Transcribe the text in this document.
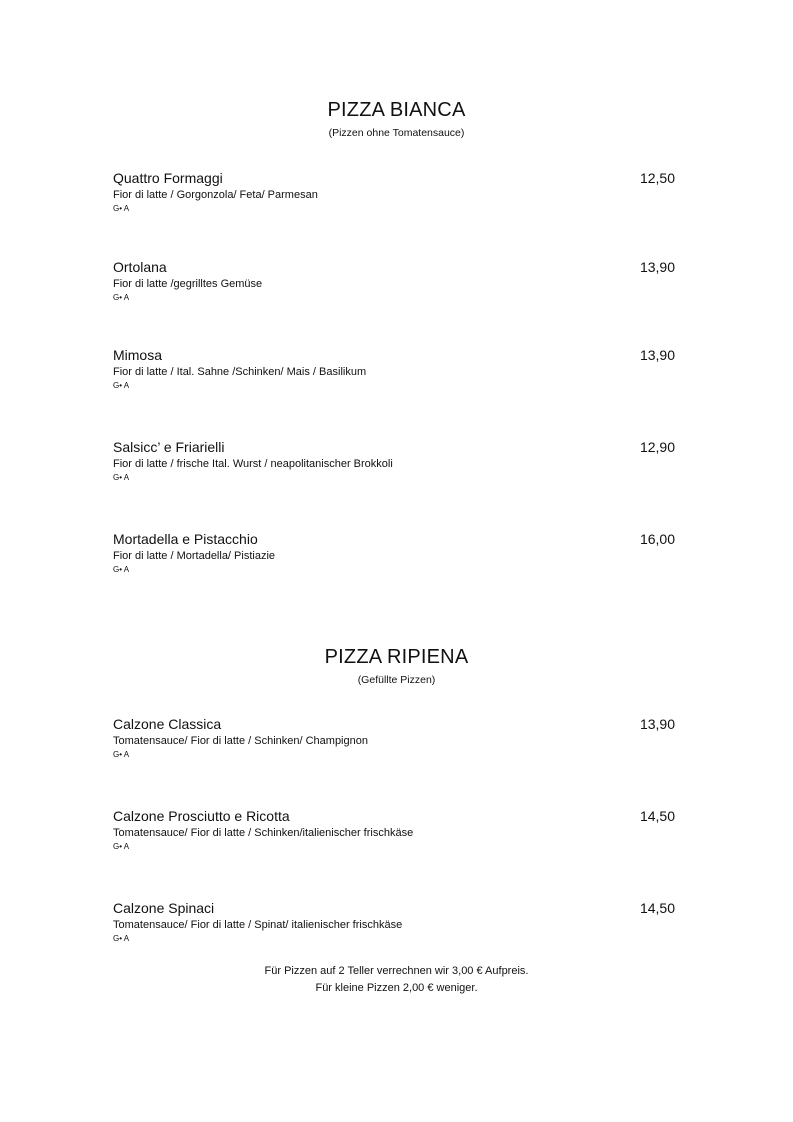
PIZZA BIANCA
(Pizzen ohne Tomatensauce)
Quattro Formaggi	12,50
Fior di latte / Gorgonzola/ Feta/ Parmesan
G• A
Ortolana	13,90
Fior di latte /gegrilltes Gemüse
G• A
Mimosa	13,90
Fior di latte / Ital. Sahne /Schinken/ Mais / Basilikum
G• A
Salsicc’ e Friarielli	12,90
Fior di latte / frische Ital. Wurst / neapolitanischer Brokkoli
G• A
Mortadella e Pistacchio	16,00
Fior di latte / Mortadella/ Pistiazie
G• A
PIZZA RIPIENA
(Gefüllte Pizzen)
Calzone Classica	13,90
Tomatensauce/ Fior di latte / Schinken/ Champignon
G• A
Calzone Prosciutto e Ricotta	14,50
Tomatensauce/ Fior di latte / Schinken/italienischer frischkäse
G• A
Calzone Spinaci	14,50
Tomatensauce/ Fior di latte / Spinat/ italienischer frischkäse
G• A
Für Pizzen auf 2 Teller verrechnen wir 3,00 € Aufpreis.
Für kleine Pizzen 2,00 € weniger.
